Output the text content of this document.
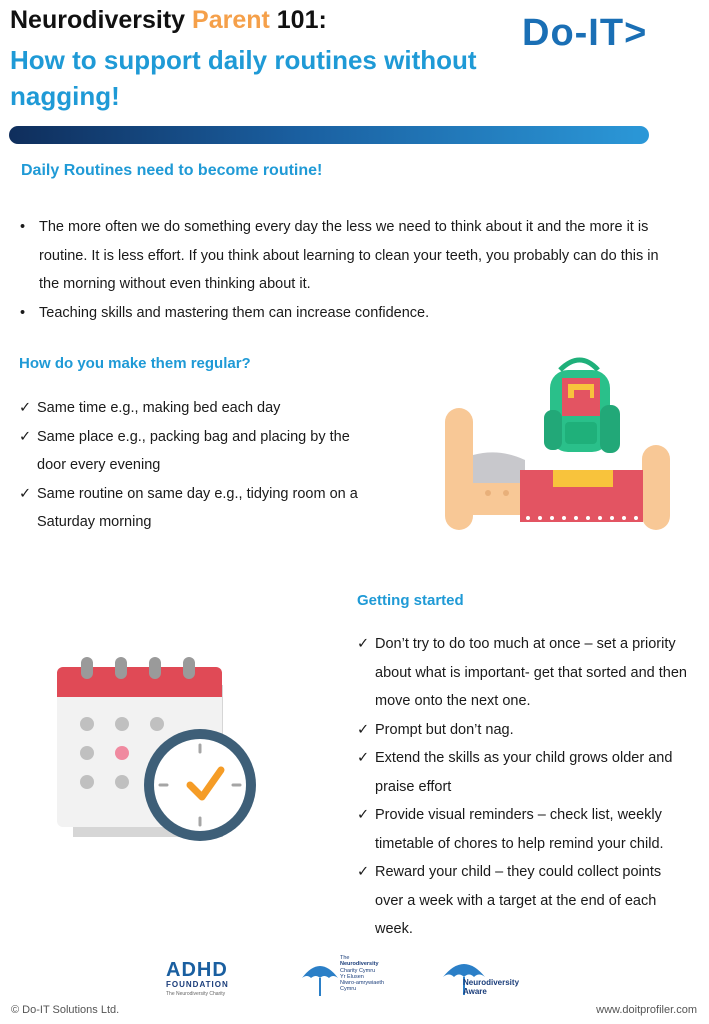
Neurodiversity Parent 101:
How to support daily routines without nagging!
Do-IT>
Daily Routines need to become routine!
• The more often we do something every day the less we need to think about it and the more it is routine. It is less effort. If you think about learning to clean your teeth, you probably can do this in the morning without even thinking about it.
• Teaching skills and mastering them can increase confidence.
How do you make them regular?
✓ Same time e.g., making bed each day
✓ Same place e.g., packing bag and placing by the door every evening
✓ Same routine on same day e.g., tidying room on a Saturday morning
Getting started
✓ Don’t try to do too much at once – set a priority about what is important- get that sorted and then move onto the next one.
✓ Prompt but don’t nag.
✓ Extend the skills as your child grows older and praise effort
✓ Provide visual reminders – check list, weekly timetable of chores to help remind your child.
✓ Reward your child – they could collect points over a week with a target at the end of each week.
ADHD
FOUNDATION
The Neurodiversity Charity
The
Neurodiversity
Charity Cymru
Yr Elusen
Niwro-amrywiaeth
Cymru
Neurodiversity
Aware
© Do-IT Solutions Ltd.	www.doitprofiler.com
